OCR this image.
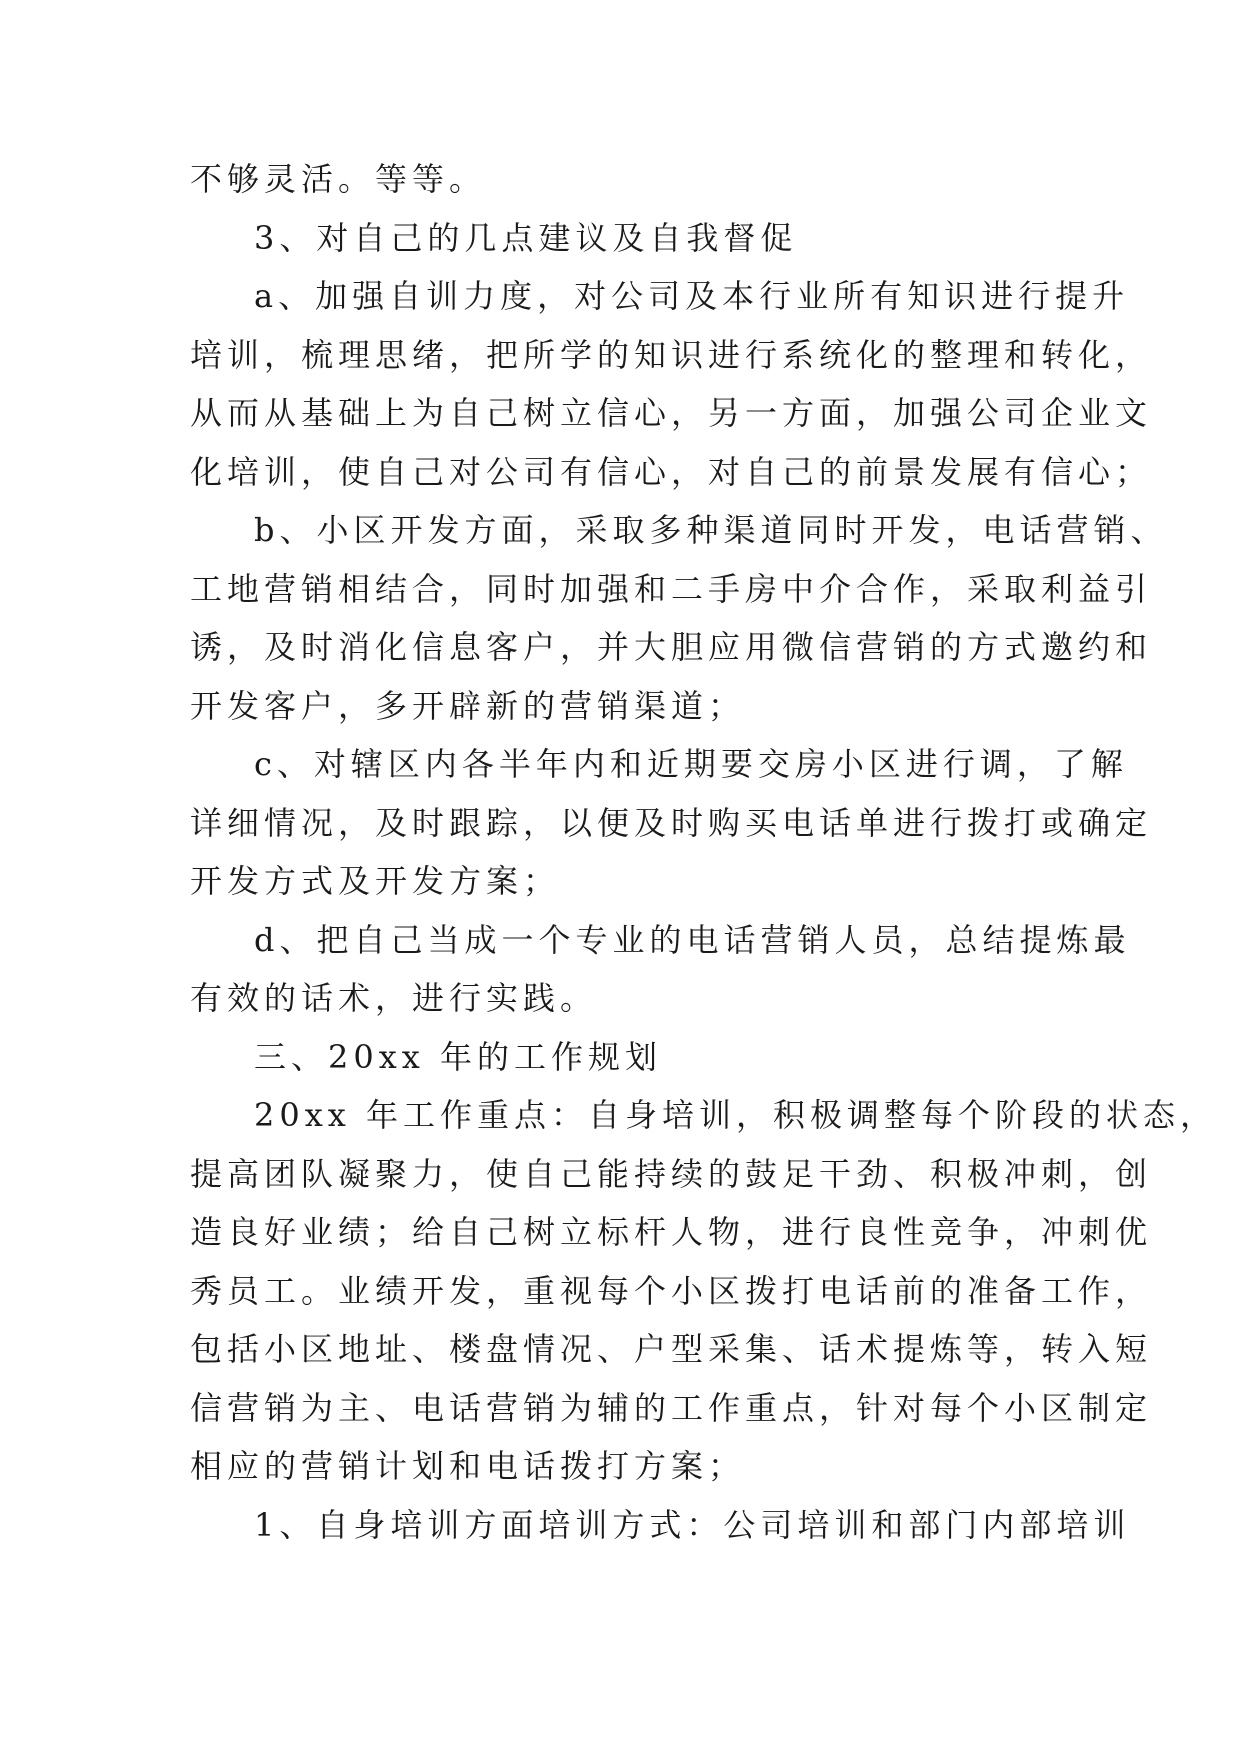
不够灵活。等等。

3、对自己的几点建议及自我督促

a、加强自训力度，对公司及本行业所有知识进行提升
培训，梳理思绪，把所学的知识进行系统化的整理和转化，
从而从基础上为自己树立信心，另一方面，加强公司企业文
化培训，使自己对公司有信心，对自己的前景发展有信心；

b、小区开发方面，采取多种渠道同时开发，电话营销、
工地营销相结合，同时加强和二手房中介合作，采取利益引
诱，及时消化信息客户，并大胆应用微信营销的方式邀约和
开发客户，多开辟新的营销渠道；

c、对辖区内各半年内和近期要交房小区进行调，了解
详细情况，及时跟踪，以便及时购买电话单进行拨打或确定
开发方式及开发方案；

d、把自己当成一个专业的电话营销人员，总结提炼最
有效的话术，进行实践。

三、20xx 年的工作规划

20xx 年工作重点：自身培训，积极调整每个阶段的状态，
提高团队凝聚力，使自己能持续的鼓足干劲、积极冲刺，创
造良好业绩；给自己树立标杆人物，进行良性竞争，冲刺优
秀员工。业绩开发，重视每个小区拨打电话前的准备工作，
包括小区地址、楼盘情况、户型采集、话术提炼等，转入短
信营销为主、电话营销为辅的工作重点，针对每个小区制定
相应的营销计划和电话拨打方案；

1、自身培训方面培训方式：公司培训和部门内部培训
